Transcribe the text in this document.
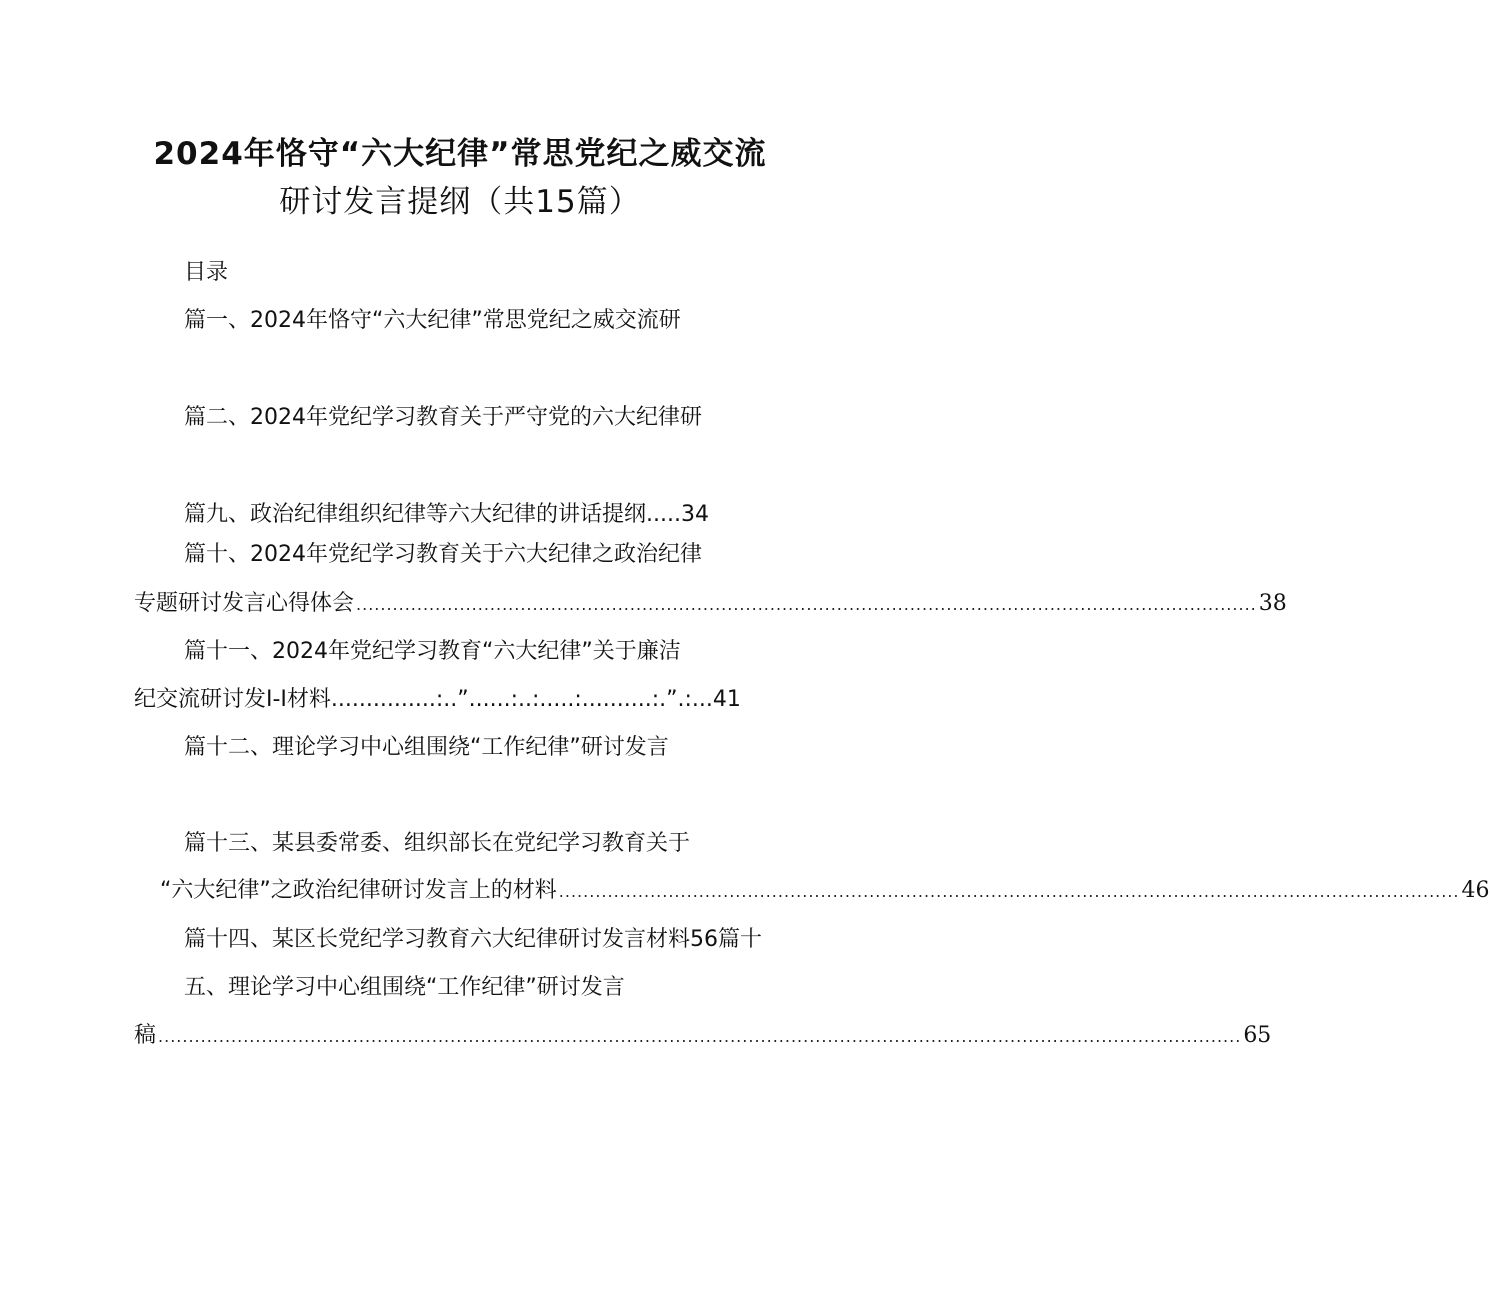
2024年恪守“六大纪律”常思党纪之威交流
研讨发言提纲（共15篇）
目录
篇一、2024年恪守“六大纪律”常思党纪之威交流研
篇二、2024年党纪学习教育关于严守党的六大纪律研
篇九、政治纪律组织纪律等六大纪律的讲话提纲.....34
篇十、2024年党纪学习教育关于六大纪律之政治纪律
专题研讨发言心得体会 .................................................................................................................................................... 38
篇十一、2024年党纪学习教育“六大纪律”关于廉洁
纪交流研讨发I-I材料...............:..”......:..:.....:..........:.”.:...41
篇十二、理论学习中心组围绕“工作纪律”研讨发言
篇十三、某县委常委、组织部长在党纪学习教育关于
“六大纪律”之政治纪律研讨发言上的材料 .................................................................................................................................................... 46
篇十四、某区长党纪学习教育六大纪律研讨发言材料56篇十
五、理论学习中心组围绕“工作纪律”研讨发言
稿 .................................................................................................................................................................................. 65
